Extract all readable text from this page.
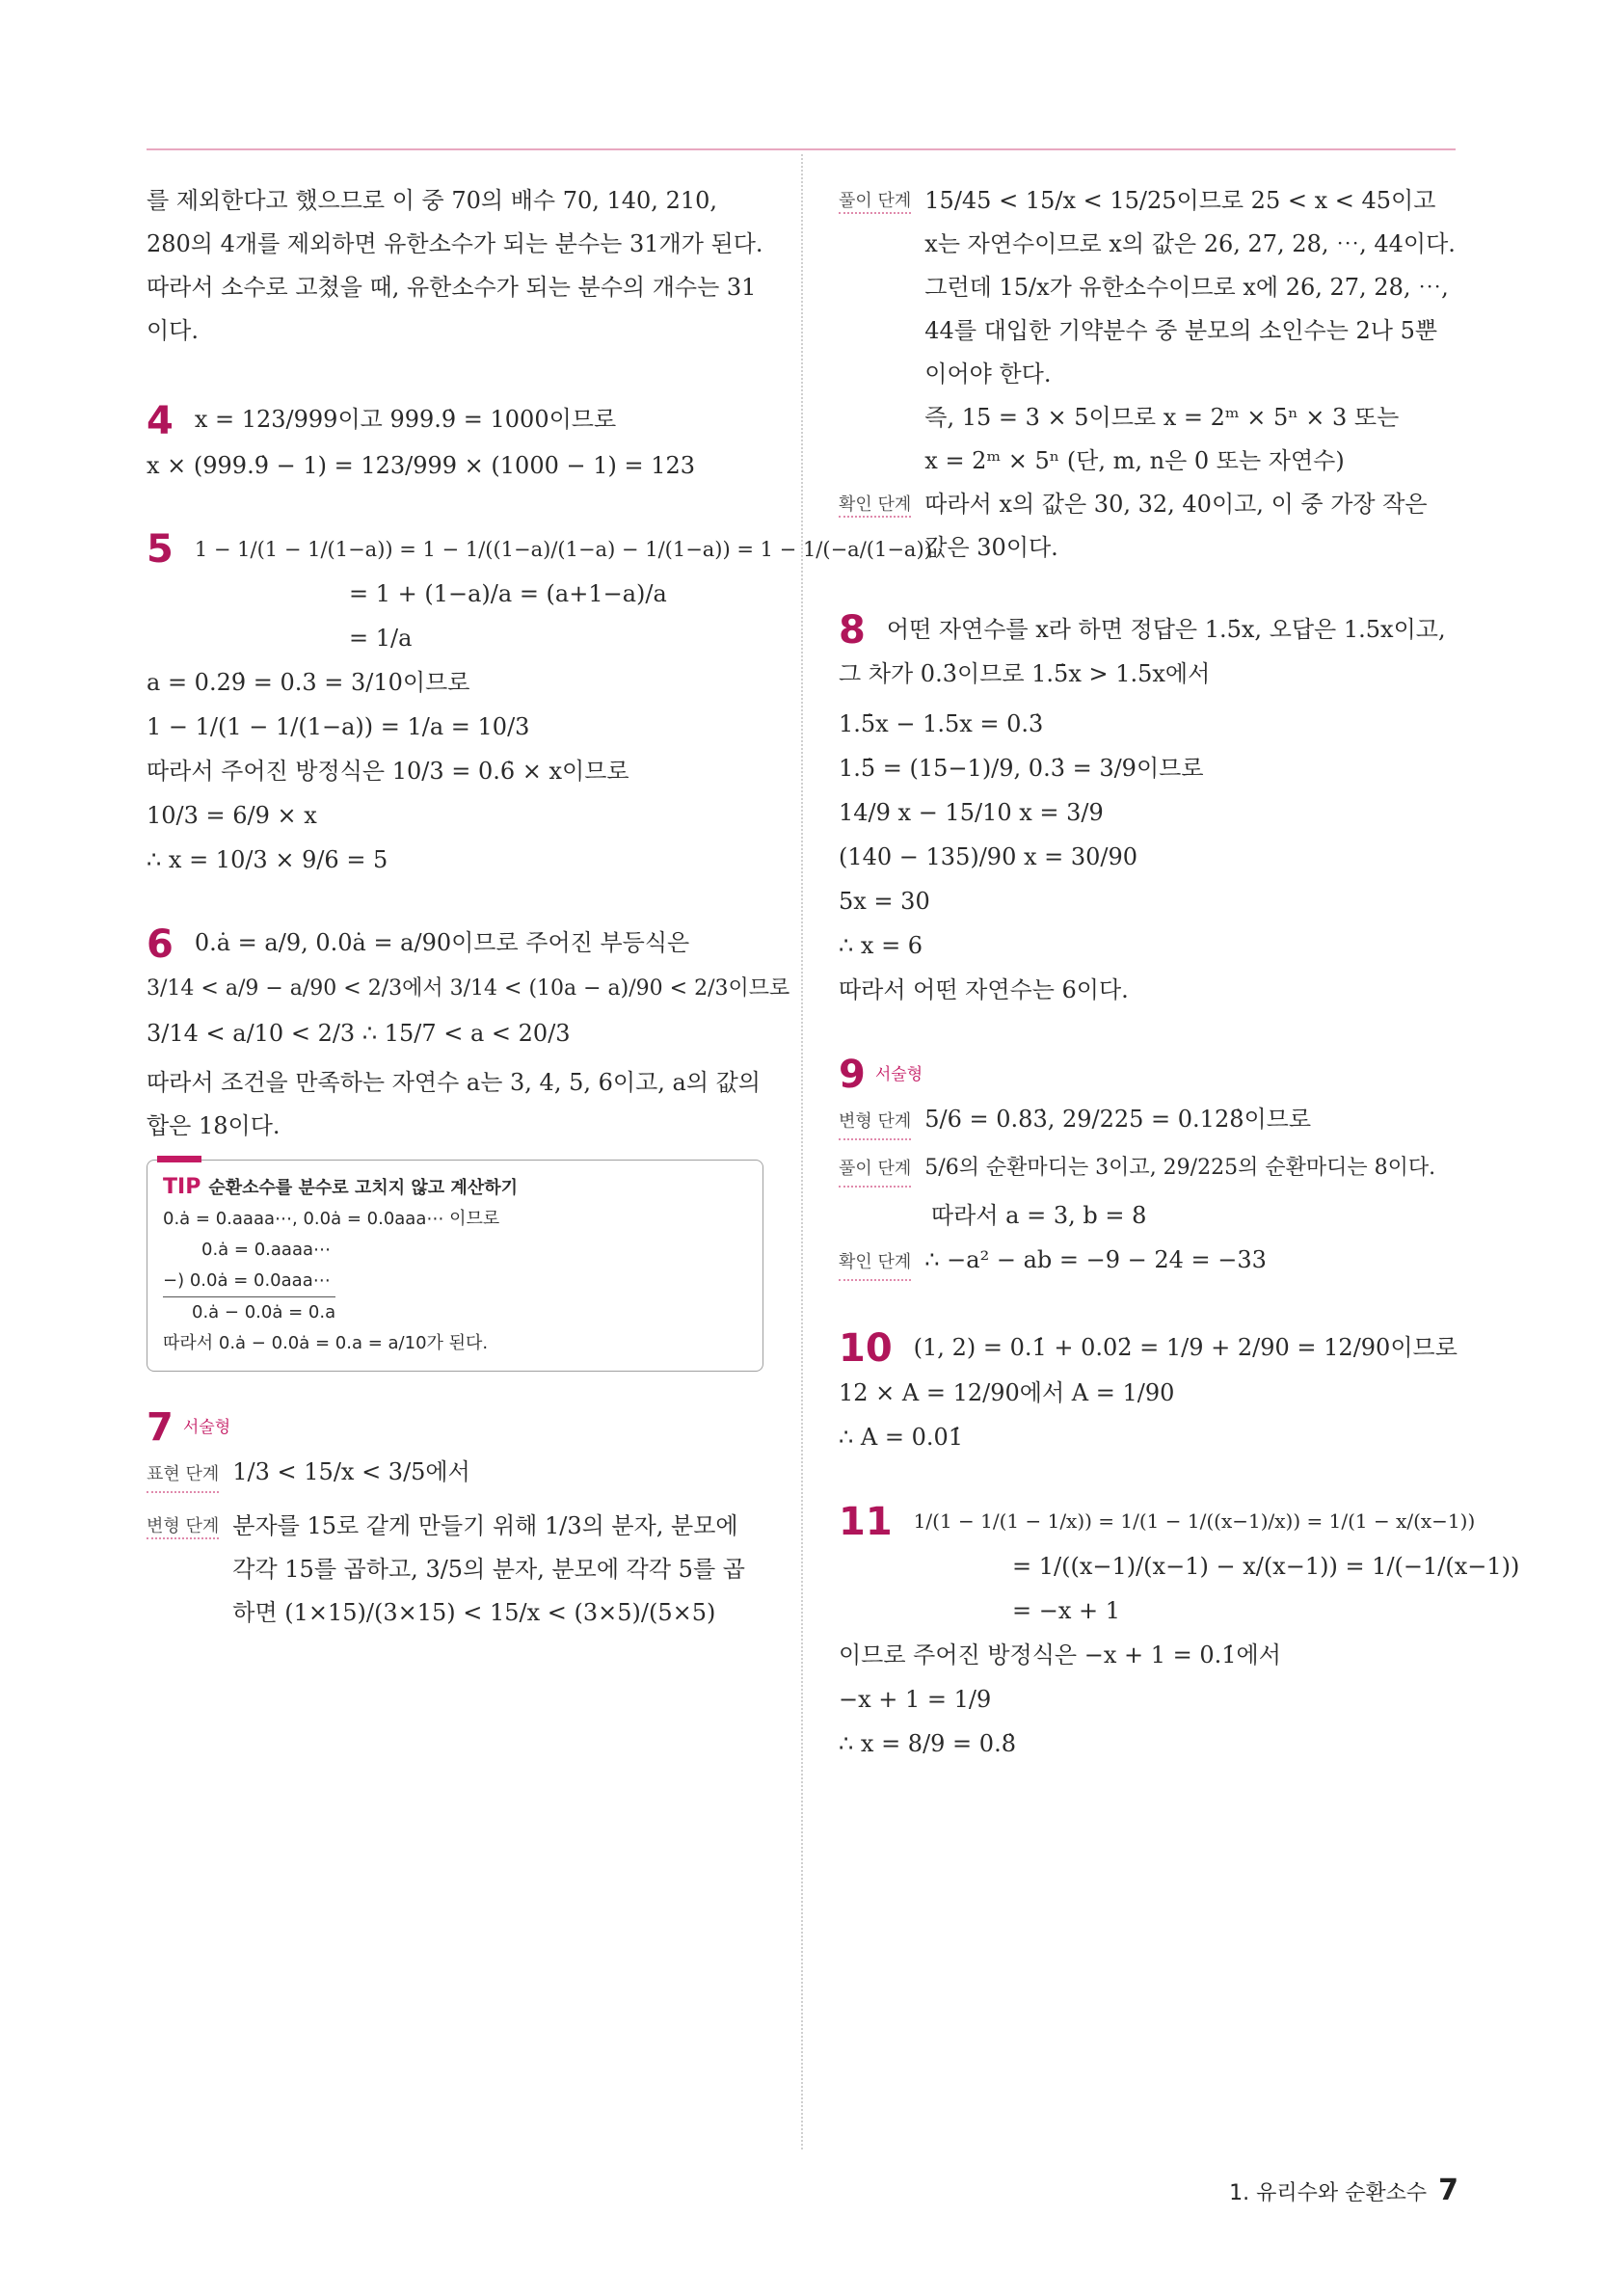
를 제외한다고 했으므로 이 중 70의 배수 70, 140, 210, 280의 4개를 제외하면 유한소수가 되는 분수는 31개가 된다. 따라서 소수로 고쳤을 때, 유한소수가 되는 분수의 개수는 31이다.

4 x = 123/999이고 999.9̇ = 1000이므로

x × (999.9̇ − 1) = 123/999 × (1000 − 1) = 123

5 1 − 1/(1 − 1/(1−a)) = 1 − 1/((1−a)/(1−a) − 1/(1−a)) = 1 − 1/(−a/(1−a))

= 1 + (1−a)/a = (a+1−a)/a

= 1/a

a = 0.29̇ = 0.3 = 3/10이므로

1 − 1/(1 − 1/(1−a)) = 1/a = 10/3

따라서 주어진 방정식은 10/3 = 0.6̇ × x이므로

10/3 = 6/9 × x

∴ x = 10/3 × 9/6 = 5

6 0.ȧ = a/9, 0.0ȧ = a/90이므로 주어진 부등식은

3/14 < a/9 − a/90 < 2/3에서 3/14 < (10a − a)/90 < 2/3이므로

3/14 < a/10 < 2/3 ∴ 15/7 < a < 20/3

따라서 조건을 만족하는 자연수 a는 3, 4, 5, 6이고, a의 값의 합은 18이다.

TIP 순환소수를 분수로 고치지 않고 계산하기
0.ȧ = 0.aaaa⋯, 0.0ȧ = 0.0aaa⋯ 이므로
0.ȧ = 0.aaaa⋯
−) 0.0ȧ = 0.0aaa⋯
0.ȧ − 0.0ȧ = 0.a
따라서 0.ȧ − 0.0ȧ = 0.a = a/10가 된다.

7 서술형

표현 단계 1/3 < 15/x < 3/5에서

변형 단계 분자를 15로 같게 만들기 위해 1/3의 분자, 분모에 각각 15를 곱하고, 3/5의 분자, 분모에 각각 5를 곱하면 (1×15)/(3×15) < 15/x < (3×5)/(5×5)

풀이 단계 15/45 < 15/x < 15/25이므로 25 < x < 45이고 x는 자연수이므로 x의 값은 26, 27, 28, ⋯, 44이다.

그런데 15/x가 유한소수이므로 x에 26, 27, 28, ⋯, 44를 대입한 기약분수 중 분모의 소인수는 2나 5뿐이어야 한다.

즉, 15 = 3 × 5이므로 x = 2ᵐ × 5ⁿ × 3 또는

x = 2ᵐ × 5ⁿ (단, m, n은 0 또는 자연수)

확인 단계 따라서 x의 값은 30, 32, 40이고, 이 중 가장 작은 값은 30이다.

8 어떤 자연수를 x라 하면 정답은 1.5̇x, 오답은 1.5x이고, 그 차가 0.3̇이므로 1.5̇x > 1.5x에서

1.5̇x − 1.5x = 0.3̇

1.5̇ = (15−1)/9, 0.3̇ = 3/9이므로

14/9 x − 15/10 x = 3/9

(140 − 135)/90 x = 30/90

5x = 30

∴ x = 6

따라서 어떤 자연수는 6이다.

9 서술형

변형 단계 5/6 = 0.83̇, 29/225 = 0.128̇이므로

풀이 단계 5/6의 순환마디는 3이고, 29/225의 순환마디는 8이다.

따라서 a = 3, b = 8

확인 단계 ∴ −a² − ab = −9 − 24 = −33

10 (1, 2) = 0.1̇ + 0.02̇ = 1/9 + 2/90 = 12/90이므로

12 × A = 12/90에서 A = 1/90

∴ A = 0.01̇

11 1/(1 − 1/(1 − 1/x)) = 1/(1 − 1/((x−1)/x)) = 1/(1 − x/(x−1))

= 1/((x−1)/(x−1) − x/(x−1)) = 1/(−1/(x−1))

= −x + 1

이므로 주어진 방정식은 −x + 1 = 0.1̇에서

−x + 1 = 1/9

∴ x = 8/9 = 0.8̇

1. 유리수와 순환소수 7
